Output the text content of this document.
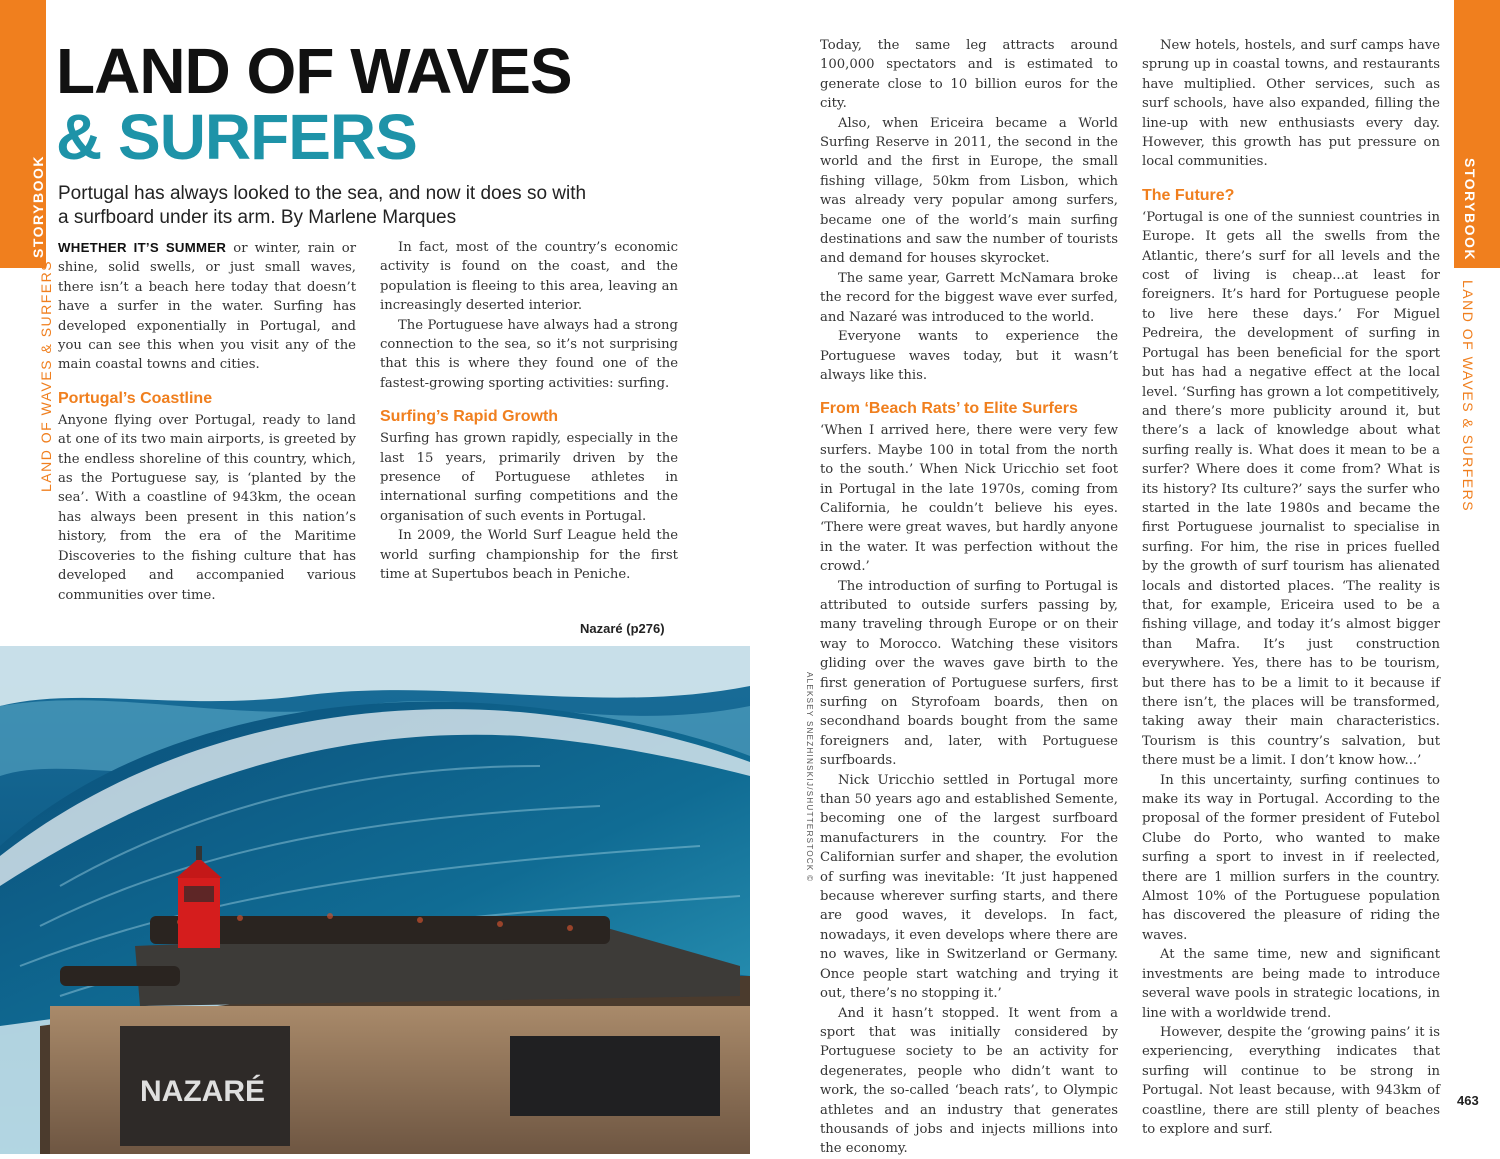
STORYBOOK
LAND OF WAVES & SURFERS
STORYBOOK
LAND OF WAVES & SURFERS
LAND OF WAVES
& SURFERS

Portugal has always looked to the sea, and now it does so with a surfboard under its arm. By Marlene Marques

WHETHER IT’S SUMMER or winter, rain or shine, solid swells, or just small waves, there isn’t a beach here today that doesn’t have a surfer in the water. Surfing has developed exponentially in Portugal, and you can see this when you visit any of the main coastal towns and cities.

Portugal’s Coastline

Anyone flying over Portugal, ready to land at one of its two main airports, is greeted by the endless shoreline of this country, which, as the Portuguese say, is ‘planted by the sea’. With a coastline of 943km, the ocean has always been present in this nation’s history, from the era of the Maritime Discoveries to the fishing culture that has developed and accompanied various communities over time.

In fact, most of the country’s economic activity is found on the coast, and the population is fleeing to this area, leaving an increasingly deserted interior.

The Portuguese have always had a strong connection to the sea, so it’s not surprising that this is where they found one of the fastest-growing sporting activities: surfing.

Surfing’s Rapid Growth

Surfing has grown rapidly, especially in the last 15 years, primarily driven by the presence of Portuguese athletes in international surfing competitions and the organisation of such events in Portugal.

In 2009, the World Surf League held the world surfing championship for the first time at Supertubos beach in Peniche.

Nazaré (p276)
NAZARÉ
ALEKSEY SNEZHINSKIJ/SHUTTERSTOCK ©

Today, the same leg attracts around 100,000 spectators and is estimated to generate close to 10 billion euros for the city.

Also, when Ericeira became a World Surfing Reserve in 2011, the second in the world and the first in Europe, the small fishing village, 50km from Lisbon, which was already very popular among surfers, became one of the world’s main surfing destinations and saw the number of tourists and demand for houses skyrocket.

The same year, Garrett McNamara broke the record for the biggest wave ever surfed, and Nazaré was introduced to the world.

Everyone wants to experience the Portuguese waves today, but it wasn’t always like this.

From ‘Beach Rats’ to Elite Surfers

‘When I arrived here, there were very few surfers. Maybe 100 in total from the north to the south.’ When Nick Uricchio set foot in Portugal in the late 1970s, coming from California, he couldn’t believe his eyes. ‘There were great waves, but hardly anyone in the water. It was perfection without the crowd.’

The introduction of surfing to Portugal is attributed to outside surfers passing by, many traveling through Europe or on their way to Morocco. Watching these visitors gliding over the waves gave birth to the first generation of Portuguese surfers, first surfing on Styrofoam boards, then on secondhand boards bought from the same foreigners and, later, with Portuguese surfboards.

Nick Uricchio settled in Portugal more than 50 years ago and established Semente, becoming one of the largest surfboard manufacturers in the country. For the Californian surfer and shaper, the evolution of surfing was inevitable: ‘It just happened because wherever surfing starts, and there are good waves, it develops. In fact, nowadays, it even develops where there are no waves, like in Switzerland or Germany. Once people start watching and trying it out, there’s no stopping it.’

And it hasn’t stopped. It went from a sport that was initially considered by Portuguese society to be an activity for degenerates, people who didn’t want to work, the so-called ‘beach rats’, to Olympic athletes and an industry that generates thousands of jobs and injects millions into the economy.

New hotels, hostels, and surf camps have sprung up in coastal towns, and restaurants have multiplied. Other services, such as surf schools, have also expanded, filling the line-up with new enthusiasts every day. However, this growth has put pressure on local communities.

The Future?

‘Portugal is one of the sunniest countries in Europe. It gets all the swells from the Atlantic, there’s surf for all levels and the cost of living is cheap...at least for foreigners. It’s hard for Portuguese people to live here these days.’ For Miguel Pedreira, the development of surfing in Portugal has been beneficial for the sport but has had a negative effect at the local level. ‘Surfing has grown a lot competitively, and there’s more publicity around it, but there’s a lack of knowledge about what surfing really is. What does it mean to be a surfer? Where does it come from? What is its history? Its culture?’ says the surfer who started in the late 1980s and became the first Portuguese journalist to specialise in surfing. For him, the rise in prices fuelled by the growth of surf tourism has alienated locals and distorted places. ‘The reality is that, for example, Ericeira used to be a fishing village, and today it’s almost bigger than Mafra. It’s just construction everywhere. Yes, there has to be tourism, but there has to be a limit to it because if there isn’t, the places will be transformed, taking away their main characteristics. Tourism is this country’s salvation, but there must be a limit. I don’t know how...’

In this uncertainty, surfing continues to make its way in Portugal. According to the proposal of the former president of Futebol Clube do Porto, who wanted to make surfing a sport to invest in if reelected, there are 1 million surfers in the country. Almost 10% of the Portuguese population has discovered the pleasure of riding the waves.

At the same time, new and significant investments are being made to introduce several wave pools in strategic locations, in line with a worldwide trend.

However, despite the ‘growing pains’ it is experiencing, everything indicates that surfing will continue to be strong in Portugal. Not least because, with 943km of coastline, there are still plenty of beaches to explore and surf.

463
